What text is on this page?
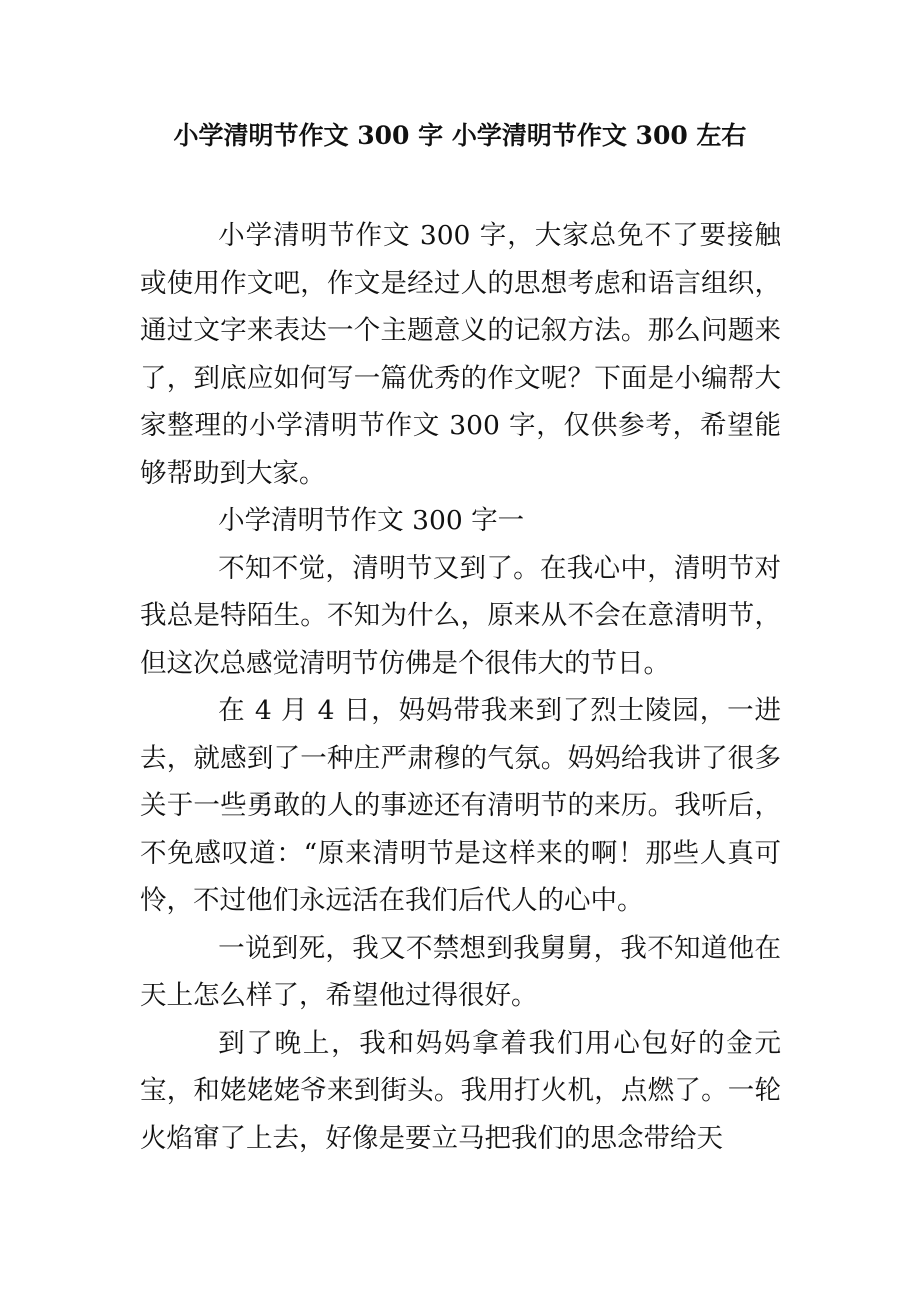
小学清明节作文 300 字 小学清明节作文 300 左右

小学清明节作文 300 字，大家总免不了要接触或使用作文吧，作文是经过人的思想考虑和语言组织，通过文字来表达一个主题意义的记叙方法。那么问题来了，到底应如何写一篇优秀的作文呢？下面是小编帮大家整理的小学清明节作文 300 字，仅供参考，希望能够帮助到大家。

小学清明节作文 300 字一

不知不觉，清明节又到了。在我心中，清明节对我总是特陌生。不知为什么，原来从不会在意清明节，但这次总感觉清明节仿佛是个很伟大的节日。

在 4 月 4 日，妈妈带我来到了烈士陵园，一进去，就感到了一种庄严肃穆的气氛。妈妈给我讲了很多关于一些勇敢的人的事迹还有清明节的来历。我听后，不免感叹道：“原来清明节是这样来的啊！那些人真可怜，不过他们永远活在我们后代人的心中。

一说到死，我又不禁想到我舅舅，我不知道他在天上怎么样了，希望他过得很好。

到了晚上，我和妈妈拿着我们用心包好的金元宝，和姥姥姥爷来到街头。我用打火机，点燃了。一轮火焰窜了上去，好像是要立马把我们的思念带给天
